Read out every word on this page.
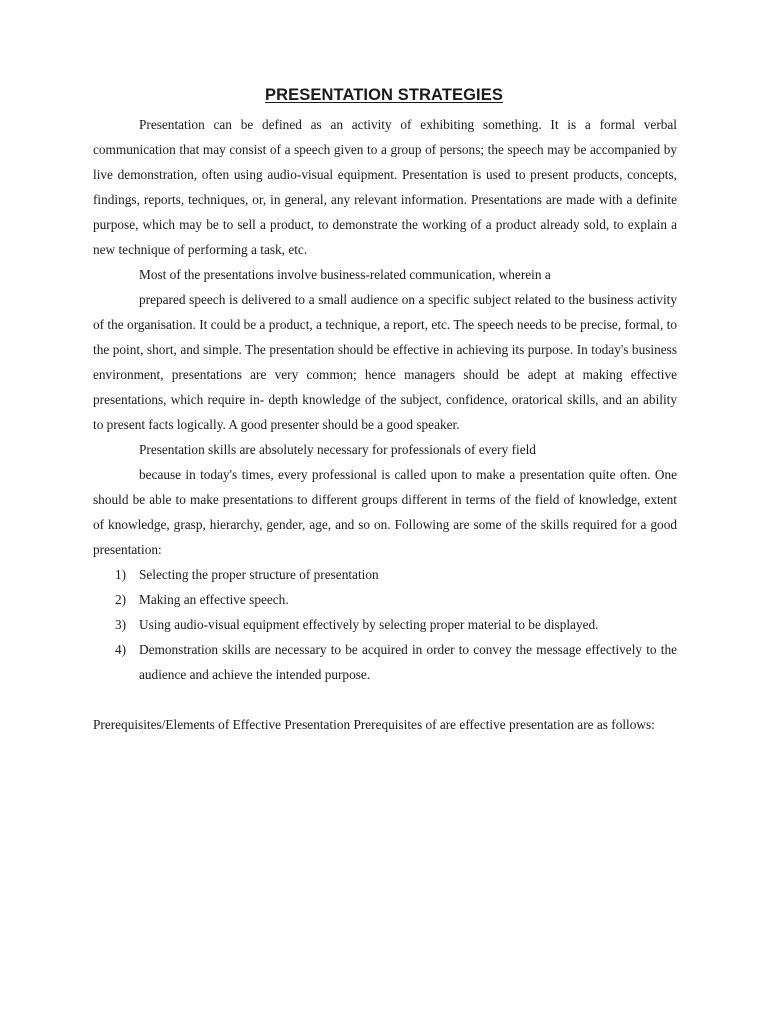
PRESENTATION STRATEGIES

Presentation can be defined as an activity of exhibiting something. It is a formal verbal communication that may consist of a speech given to a group of persons; the speech may be accompanied by live demonstration, often using audio-visual equipment. Presentation is used to present products, concepts, findings, reports, techniques, or, in general, any relevant information. Presentations are made with a definite purpose, which may be to sell a product, to demonstrate the working of a product already sold, to explain a new technique of performing a task, etc.

Most of the presentations involve business-related communication, wherein a

prepared speech is delivered to a small audience on a specific subject related to the business activity of the organisation. It could be a product, a technique, a report, etc. The speech needs to be precise, formal, to the point, short, and simple. The presentation should be effective in achieving its purpose. In today's business environment, presentations are very common; hence managers should be adept at making effective presentations, which require in- depth knowledge of the subject, confidence, oratorical skills, and an ability to present facts logically. A good presenter should be a good speaker.

Presentation skills are absolutely necessary for professionals of every field

because in today's times, every professional is called upon to make a presentation quite often. One should be able to make presentations to different groups different in terms of the field of knowledge, extent of knowledge, grasp, hierarchy, gender, age, and so on. Following are some of the skills required for a good presentation:

1) Selecting the proper structure of presentation
2) Making an effective speech.
3) Using audio-visual equipment effectively by selecting proper material to be displayed.
4) Demonstration skills are necessary to be acquired in order to convey the message effectively to the audience and achieve the intended purpose.

Prerequisites/Elements of Effective Presentation Prerequisites of are effective presentation are as follows:
